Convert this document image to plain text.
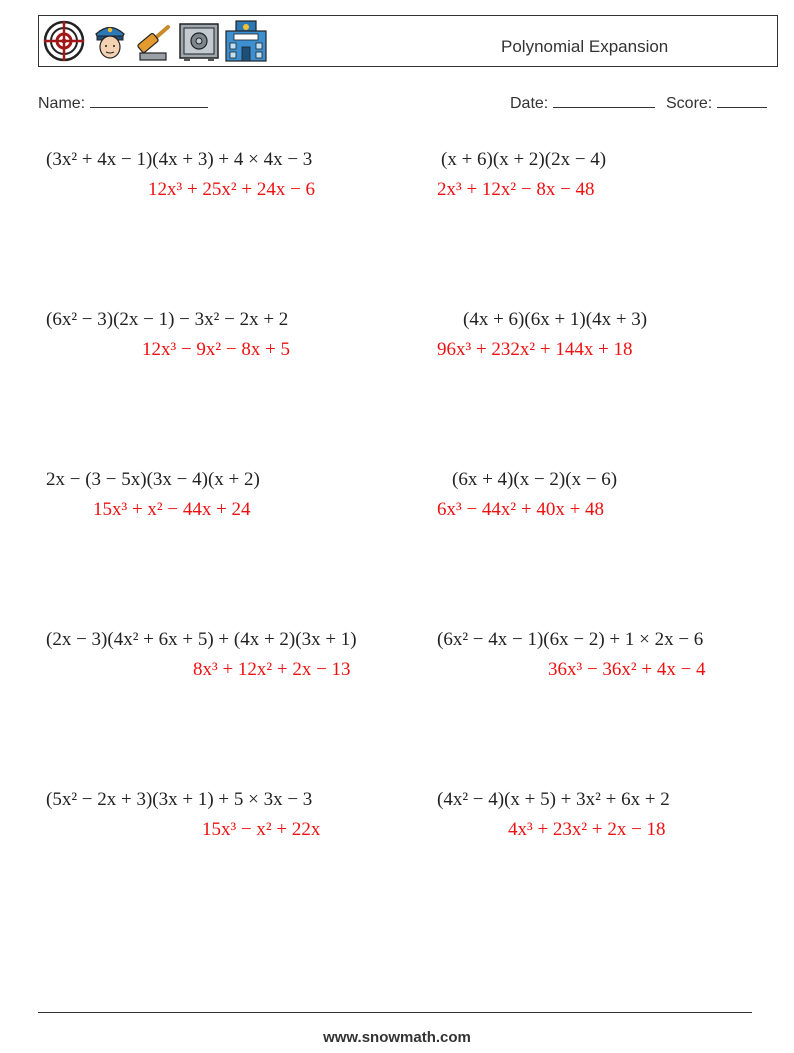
Polynomial Expansion
Name:	Date:	Score:
(3x² + 4x − 1)(4x + 3) + 4 × 4x − 3
12x³ + 25x² + 24x − 6
(x + 6)(x + 2)(2x − 4)
2x³ + 12x² − 8x − 48
(6x² − 3)(2x − 1) − 3x² − 2x + 2
12x³ − 9x² − 8x + 5
(4x + 6)(6x + 1)(4x + 3)
96x³ + 232x² + 144x + 18
2x − (3 − 5x)(3x − 4)(x + 2)
15x³ + x² − 44x + 24
(6x + 4)(x − 2)(x − 6)
6x³ − 44x² + 40x + 48
(2x − 3)(4x² + 6x + 5) + (4x + 2)(3x + 1)
8x³ + 12x² + 2x − 13
(6x² − 4x − 1)(6x − 2) + 1 × 2x − 6
36x³ − 36x² + 4x − 4
(5x² − 2x + 3)(3x + 1) + 5 × 3x − 3
15x³ − x² + 22x
(4x² − 4)(x + 5) + 3x² + 6x + 2
4x³ + 23x² + 2x − 18
www.snowmath.com
